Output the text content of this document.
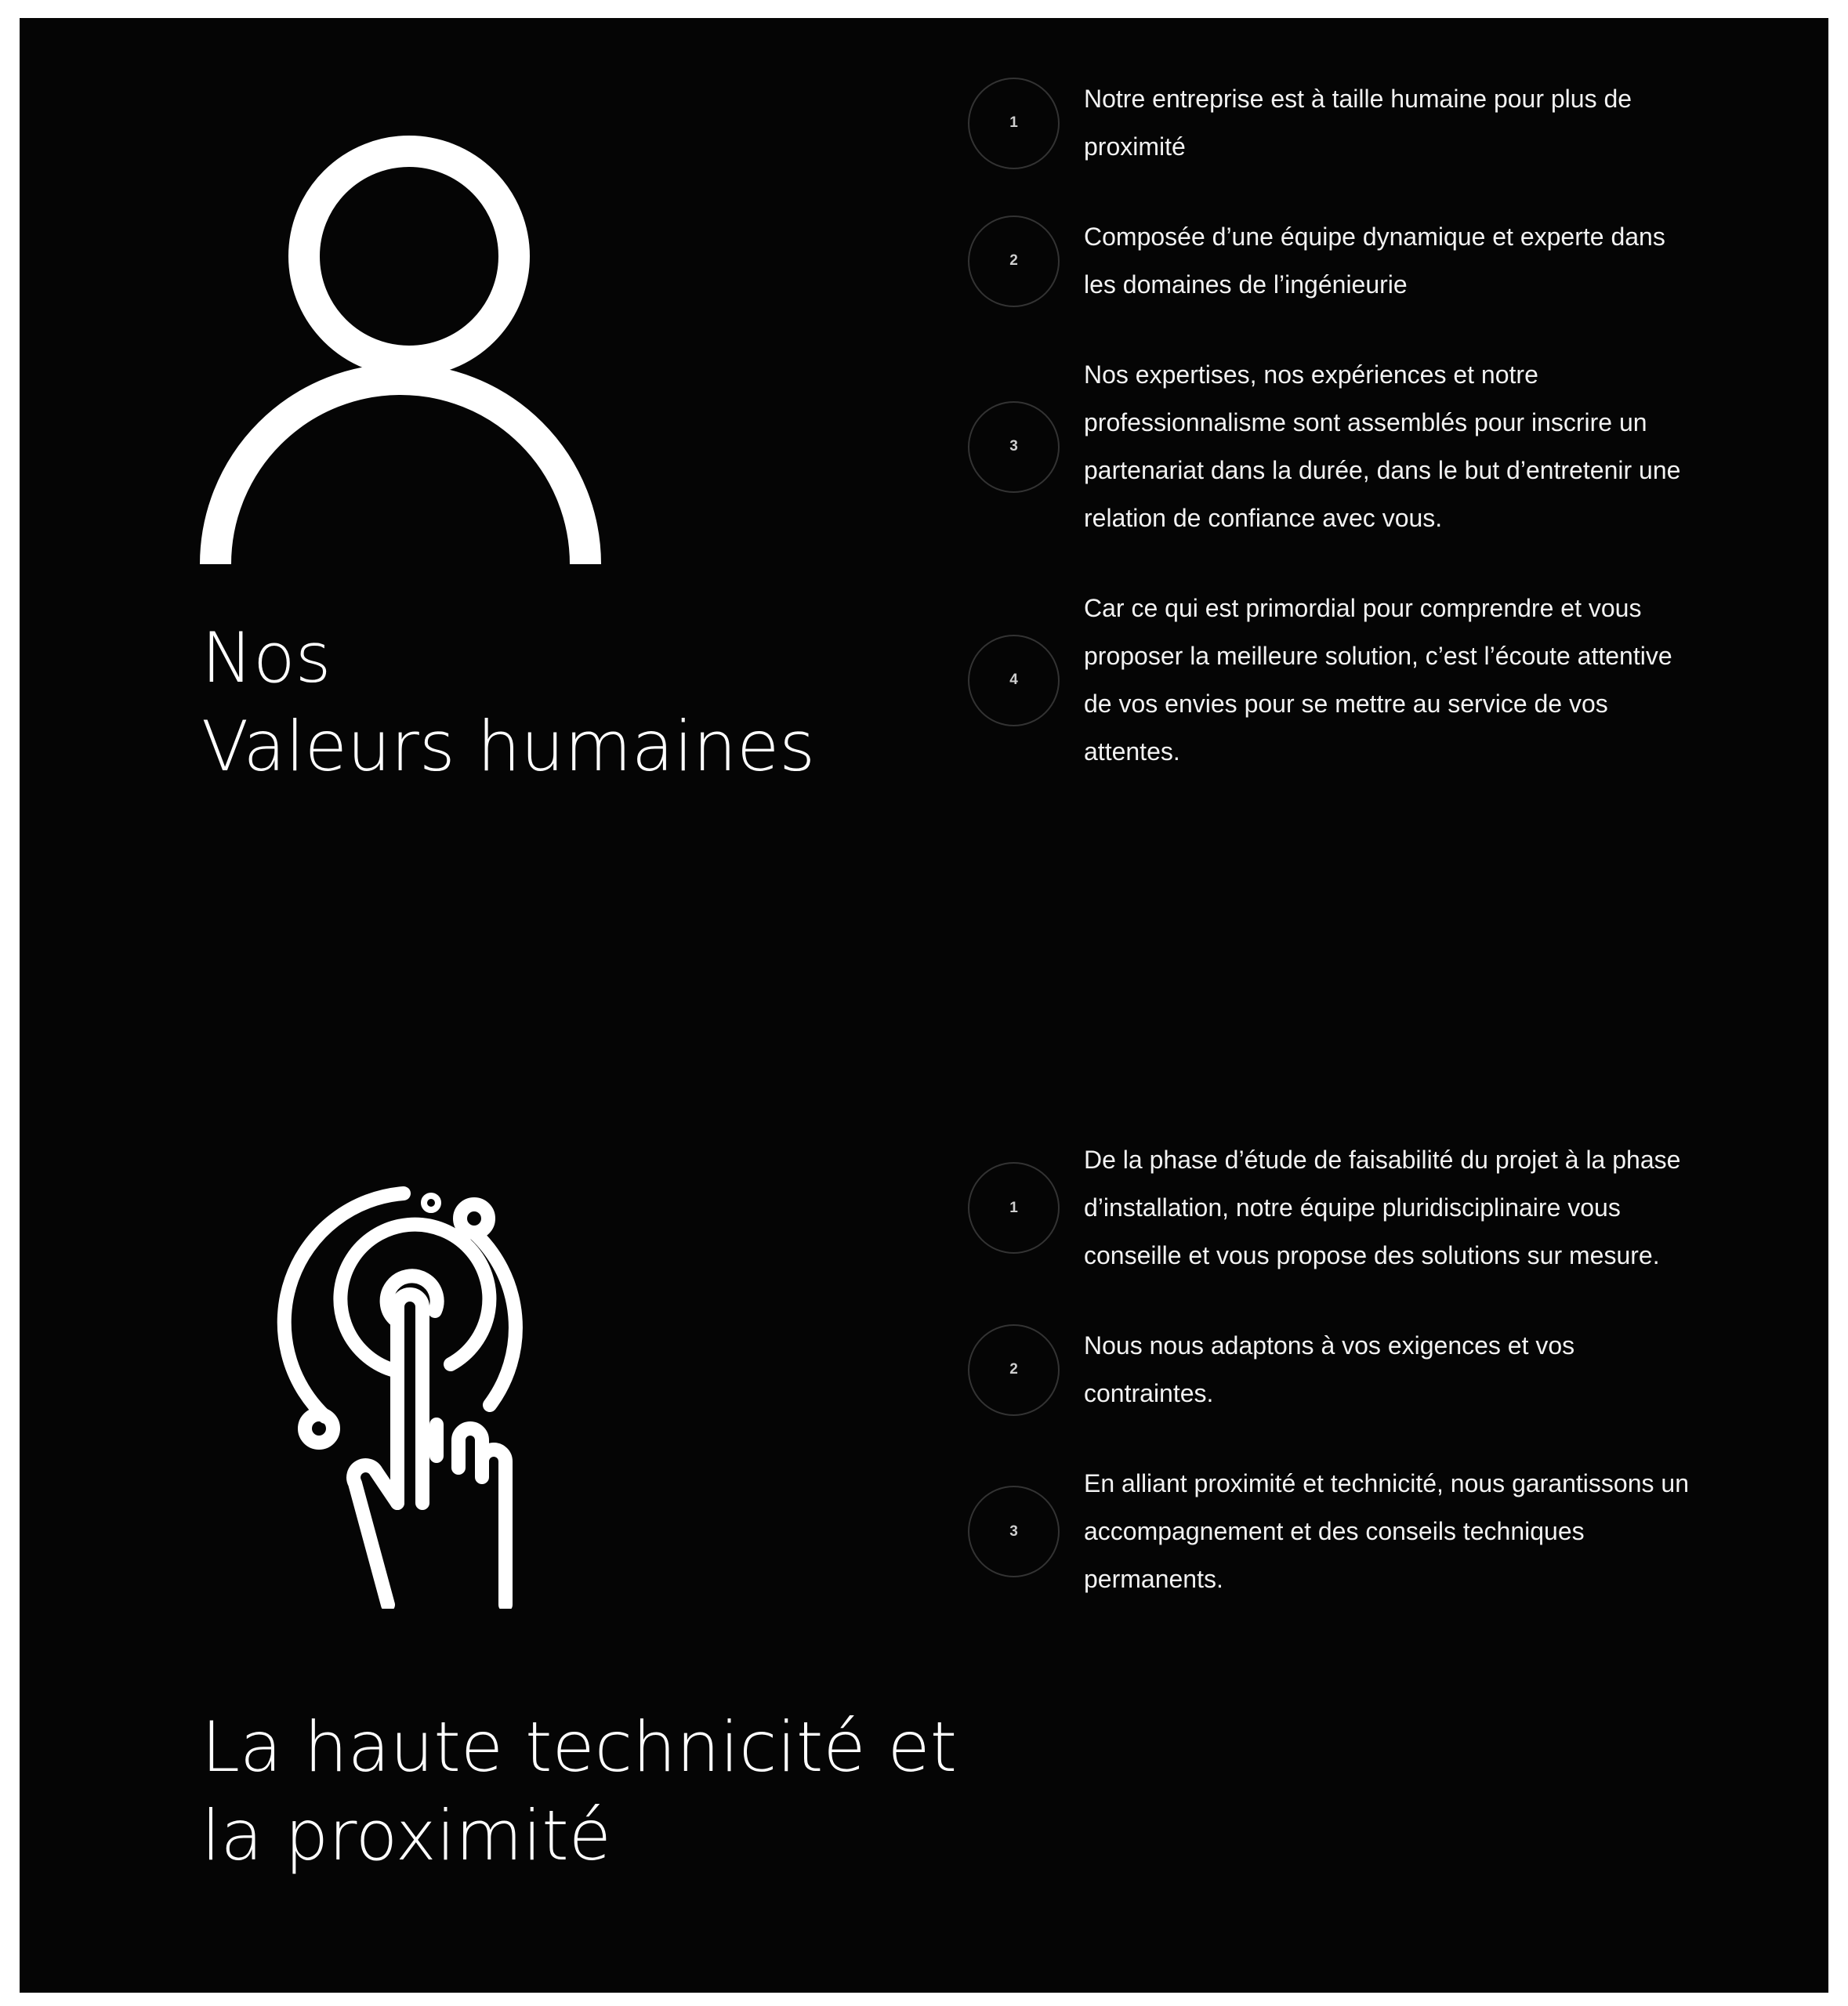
Nos
Valeurs humaines
1

Notre entreprise est à taille humaine pour plus de proximité

2

Composée d’une équipe dynamique et experte dans les domaines de l’ingénieurie

3

Nos expertises, nos expériences et notre professionnalisme sont assemblés pour inscrire un partenariat dans la durée, dans le but d’entretenir une relation de confiance avec vous.

4

Car ce qui est primordial pour comprendre et vous proposer la meilleure solution, c’est l’écoute attentive de vos envies pour se mettre au service de vos attentes.

La haute technicité et
la proximité
1

De la phase d’étude de faisabilité du projet à la phase d’installation, notre équipe pluridisciplinaire vous conseille et vous propose des solutions sur mesure.

2

Nous nous adaptons à vos exigences et vos contraintes.

3

En alliant proximité et technicité, nous garantissons un accompagnement et des conseils techniques permanents.
